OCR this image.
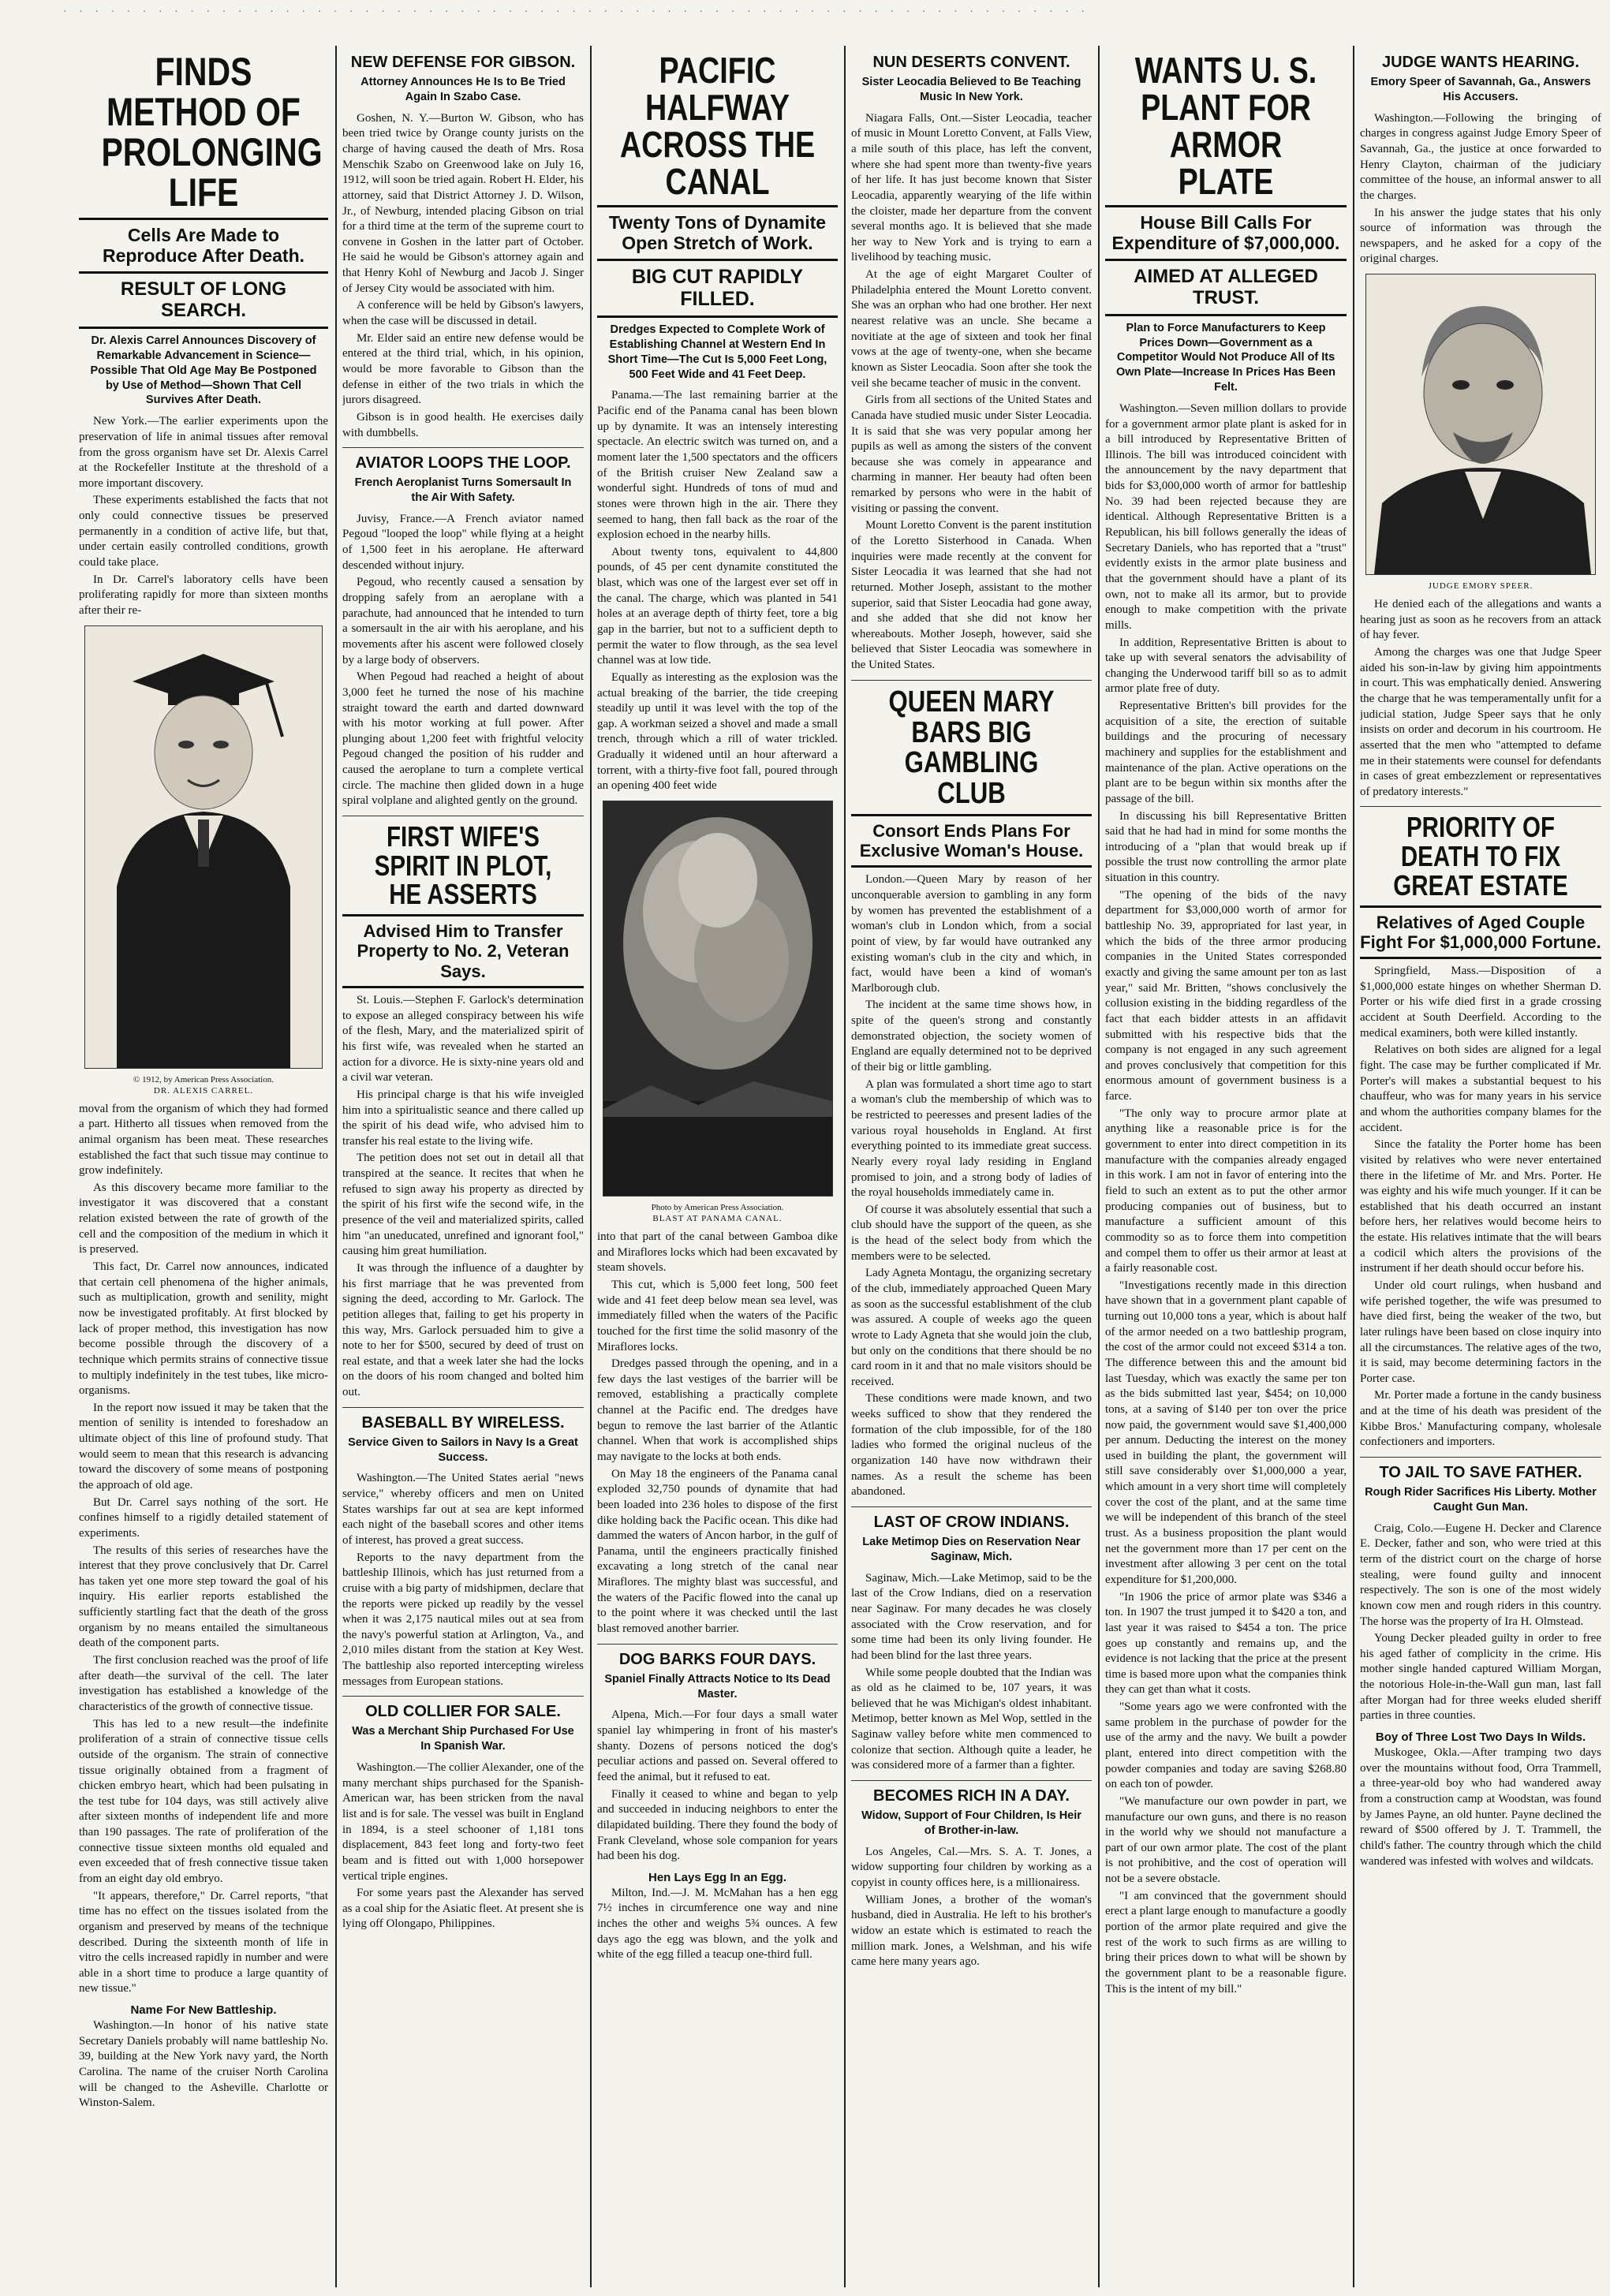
· · · · · · · · · · · · · · · · · · · · · · · · · · · · · · · · · · · · · · · · · · · · · · · · · · · · · · · · · · · · · · · · ·
FINDS METHOD OF PROLONGING LIFE
Cells Are Made to Reproduce After Death.
RESULT OF LONG SEARCH.
Dr. Alexis Carrel Announces Discovery of Remarkable Advancement in Science—Possible That Old Age May Be Postponed by Use of Method—Shown That Cell Survives After Death.

New York.—The earlier experiments upon the preservation of life in animal tissues after removal from the gross organism have set Dr. Alexis Carrel at the Rockefeller Institute at the threshold of a more important discovery.

These experiments established the facts that not only could connective tissues be preserved permanently in a condition of active life, but that, under certain easily controlled conditions, growth could take place.

In Dr. Carrel's laboratory cells have been proliferating rapidly for more than sixteen months after their re-

© 1912, by American Press Association.
DR. ALEXIS CARREL.

moval from the organism of which they had formed a part. Hitherto all tissues when removed from the animal organism has been meat. These researches established the fact that such tissue may continue to grow indefinitely.

As this discovery became more familiar to the investigator it was discovered that a constant relation existed between the rate of growth of the cell and the composition of the medium in which it is preserved.

This fact, Dr. Carrel now announces, indicated that certain cell phenomena of the higher animals, such as multiplication, growth and senility, might now be investigated profitably. At first blocked by lack of proper method, this investigation has now become possible through the discovery of a technique which permits strains of connective tissue to multiply indefinitely in the test tubes, like micro-organisms.

In the report now issued it may be taken that the mention of senility is intended to foreshadow an ultimate object of this line of profound study. That would seem to mean that this research is advancing toward the discovery of some means of postponing the approach of old age.

But Dr. Carrel says nothing of the sort. He confines himself to a rigidly detailed statement of experiments.

The results of this series of researches have the interest that they prove conclusively that Dr. Carrel has taken yet one more step toward the goal of his inquiry. His earlier reports established the sufficiently startling fact that the death of the gross organism by no means entailed the simultaneous death of the component parts.

The first conclusion reached was the proof of life after death—the survival of the cell. The later investigation has established a knowledge of the characteristics of the growth of connective tissue.

This has led to a new result—the indefinite proliferation of a strain of connective tissue cells outside of the organism. The strain of connective tissue originally obtained from a fragment of chicken embryo heart, which had been pulsating in the test tube for 104 days, was still actively alive after sixteen months of independent life and more than 190 passages. The rate of proliferation of the connective tissue sixteen months old equaled and even exceeded that of fresh connective tissue taken from an eight day old embryo.

"It appears, therefore," Dr. Carrel reports, "that time has no effect on the tissues isolated from the organism and preserved by means of the technique described. During the sixteenth month of life in vitro the cells increased rapidly in number and were able in a short time to produce a large quantity of new tissue."

Name For New Battleship.

Washington.—In honor of his native state Secretary Daniels probably will name battleship No. 39, building at the New York navy yard, the North Carolina. The name of the cruiser North Carolina will be changed to the Asheville. Charlotte or Winston-Salem.

NEW DEFENSE FOR GIBSON.
Attorney Announces He Is to Be Tried Again In Szabo Case.

Goshen, N. Y.—Burton W. Gibson, who has been tried twice by Orange county jurists on the charge of having caused the death of Mrs. Rosa Menschik Szabo on Greenwood lake on July 16, 1912, will soon be tried again. Robert H. Elder, his attorney, said that District Attorney J. D. Wilson, Jr., of Newburg, intended placing Gibson on trial for a third time at the term of the supreme court to convene in Goshen in the latter part of October. He said he would be Gibson's attorney again and that Henry Kohl of Newburg and Jacob J. Singer of Jersey City would be associated with him.

A conference will be held by Gibson's lawyers, when the case will be discussed in detail.

Mr. Elder said an entire new defense would be entered at the third trial, which, in his opinion, would be more favorable to Gibson than the defense in either of the two trials in which the jurors disagreed.

Gibson is in good health. He exercises daily with dumbbells.

AVIATOR LOOPS THE LOOP.
French Aeroplanist Turns Somersault In the Air With Safety.

Juvisy, France.—A French aviator named Pegoud "looped the loop" while flying at a height of 1,500 feet in his aeroplane. He afterward descended without injury.

Pegoud, who recently caused a sensation by dropping safely from an aeroplane with a parachute, had announced that he intended to turn a somersault in the air with his aeroplane, and his movements after his ascent were followed closely by a large body of observers.

When Pegoud had reached a height of about 3,000 feet he turned the nose of his machine straight toward the earth and darted downward with his motor working at full power. After plunging about 1,200 feet with frightful velocity Pegoud changed the position of his rudder and caused the aeroplane to turn a complete vertical circle. The machine then glided down in a huge spiral volplane and alighted gently on the ground.

FIRST WIFE'S SPIRIT IN PLOT, HE ASSERTS
Advised Him to Transfer Property to No. 2, Veteran Says.

St. Louis.—Stephen F. Garlock's determination to expose an alleged conspiracy between his wife of the flesh, Mary, and the materialized spirit of his first wife, was revealed when he started an action for a divorce. He is sixty-nine years old and a civil war veteran.

His principal charge is that his wife inveigled him into a spiritualistic seance and there called up the spirit of his dead wife, who advised him to transfer his real estate to the living wife.

The petition does not set out in detail all that transpired at the seance. It recites that when he refused to sign away his property as directed by the spirit of his first wife the second wife, in the presence of the veil and materialized spirits, called him "an uneducated, unrefined and ignorant fool," causing him great humiliation.

It was through the influence of a daughter by his first marriage that he was prevented from signing the deed, according to Mr. Garlock. The petition alleges that, failing to get his property in this way, Mrs. Garlock persuaded him to give a note to her for $500, secured by deed of trust on real estate, and that a week later she had the locks on the doors of his room changed and bolted him out.

BASEBALL BY WIRELESS.
Service Given to Sailors in Navy Is a Great Success.

Washington.—The United States aerial "news service," whereby officers and men on United States warships far out at sea are kept informed each night of the baseball scores and other items of interest, has proved a great success.

Reports to the navy department from the battleship Illinois, which has just returned from a cruise with a big party of midshipmen, declare that the reports were picked up readily by the vessel when it was 2,175 nautical miles out at sea from the navy's powerful station at Arlington, Va., and 2,010 miles distant from the station at Key West. The battleship also reported intercepting wireless messages from European stations.

OLD COLLIER FOR SALE.
Was a Merchant Ship Purchased For Use In Spanish War.

Washington.—The collier Alexander, one of the many merchant ships purchased for the Spanish-American war, has been stricken from the naval list and is for sale. The vessel was built in England in 1894, is a steel schooner of 1,181 tons displacement, 843 feet long and forty-two feet beam and is fitted out with 1,000 horsepower vertical triple engines.

For some years past the Alexander has served as a coal ship for the Asiatic fleet. At present she is lying off Olongapo, Philippines.

PACIFIC HALFWAY ACROSS THE CANAL
Twenty Tons of Dynamite Open Stretch of Work.
BIG CUT RAPIDLY FILLED.
Dredges Expected to Complete Work of Establishing Channel at Western End In Short Time—The Cut Is 5,000 Feet Long, 500 Feet Wide and 41 Feet Deep.

Panama.—The last remaining barrier at the Pacific end of the Panama canal has been blown up by dynamite. It was an intensely interesting spectacle. An electric switch was turned on, and a moment later the 1,500 spectators and the officers of the British cruiser New Zealand saw a wonderful sight. Hundreds of tons of mud and stones were thrown high in the air. There they seemed to hang, then fall back as the roar of the explosion echoed in the nearby hills.

About twenty tons, equivalent to 44,800 pounds, of 45 per cent dynamite constituted the blast, which was one of the largest ever set off in the canal. The charge, which was planted in 541 holes at an average depth of thirty feet, tore a big gap in the barrier, but not to a sufficient depth to permit the water to flow through, as the sea level channel was at low tide.

Equally as interesting as the explosion was the actual breaking of the barrier, the tide creeping steadily up until it was level with the top of the gap. A workman seized a shovel and made a small trench, through which a rill of water trickled. Gradually it widened until an hour afterward a torrent, with a thirty-five foot fall, poured through an opening 400 feet wide

Photo by American Press Association.
BLAST AT PANAMA CANAL.

into that part of the canal between Gamboa dike and Miraflores locks which had been excavated by steam shovels.

This cut, which is 5,000 feet long, 500 feet wide and 41 feet deep below mean sea level, was immediately filled when the waters of the Pacific touched for the first time the solid masonry of the Miraflores locks.

Dredges passed through the opening, and in a few days the last vestiges of the barrier will be removed, establishing a practically complete channel at the Pacific end. The dredges have begun to remove the last barrier of the Atlantic channel. When that work is accomplished ships may navigate to the locks at both ends.

On May 18 the engineers of the Panama canal exploded 32,750 pounds of dynamite that had been loaded into 236 holes to dispose of the first dike holding back the Pacific ocean. This dike had dammed the waters of Ancon harbor, in the gulf of Panama, until the engineers practically finished excavating a long stretch of the canal near Miraflores. The mighty blast was successful, and the waters of the Pacific flowed into the canal up to the point where it was checked until the last blast removed another barrier.

DOG BARKS FOUR DAYS.
Spaniel Finally Attracts Notice to Its Dead Master.

Alpena, Mich.—For four days a small water spaniel lay whimpering in front of his master's shanty. Dozens of persons noticed the dog's peculiar actions and passed on. Several offered to feed the animal, but it refused to eat.

Finally it ceased to whine and began to yelp and succeeded in inducing neighbors to enter the dilapidated building. There they found the body of Frank Cleveland, whose sole companion for years had been his dog.

Hen Lays Egg In an Egg.

Milton, Ind.—J. M. McMahan has a hen egg 7½ inches in circumference one way and nine inches the other and weighs 5¾ ounces. A few days ago the egg was blown, and the yolk and white of the egg filled a teacup one-third full.

NUN DESERTS CONVENT.
Sister Leocadia Believed to Be Teaching Music In New York.

Niagara Falls, Ont.—Sister Leocadia, teacher of music in Mount Loretto Convent, at Falls View, a mile south of this place, has left the convent, where she had spent more than twenty-five years of her life. It has just become known that Sister Leocadia, apparently wearying of the life within the cloister, made her departure from the convent several months ago. It is believed that she made her way to New York and is trying to earn a livelihood by teaching music.

At the age of eight Margaret Coulter of Philadelphia entered the Mount Loretto convent. She was an orphan who had one brother. Her next nearest relative was an uncle. She became a novitiate at the age of sixteen and took her final vows at the age of twenty-one, when she became known as Sister Leocadia. Soon after she took the veil she became teacher of music in the convent.

Girls from all sections of the United States and Canada have studied music under Sister Leocadia. It is said that she was very popular among her pupils as well as among the sisters of the convent because she was comely in appearance and charming in manner. Her beauty had often been remarked by persons who were in the habit of visiting or passing the convent.

Mount Loretto Convent is the parent institution of the Loretto Sisterhood in Canada. When inquiries were made recently at the convent for Sister Leocadia it was learned that she had not returned. Mother Joseph, assistant to the mother superior, said that Sister Leocadia had gone away, and she added that she did not know her whereabouts. Mother Joseph, however, said she believed that Sister Leocadia was somewhere in the United States.

QUEEN MARY BARS BIG GAMBLING CLUB
Consort Ends Plans For Exclusive Woman's House.

London.—Queen Mary by reason of her unconquerable aversion to gambling in any form by women has prevented the establishment of a woman's club in London which, from a social point of view, by far would have outranked any existing woman's club in the city and which, in fact, would have been a kind of woman's Marlborough club.

The incident at the same time shows how, in spite of the queen's strong and constantly demonstrated objection, the society women of England are equally determined not to be deprived of their big or little gambling.

A plan was formulated a short time ago to start a woman's club the membership of which was to be restricted to peeresses and present ladies of the various royal households in England. At first everything pointed to its immediate great success. Nearly every royal lady residing in England promised to join, and a strong body of ladies of the royal households immediately came in.

Of course it was absolutely essential that such a club should have the support of the queen, as she is the head of the select body from which the members were to be selected.

Lady Agneta Montagu, the organizing secretary of the club, immediately approached Queen Mary as soon as the successful establishment of the club was assured. A couple of weeks ago the queen wrote to Lady Agneta that she would join the club, but only on the conditions that there should be no card room in it and that no male visitors should be received.

These conditions were made known, and two weeks sufficed to show that they rendered the formation of the club impossible, for of the 180 ladies who formed the original nucleus of the organization 140 have now withdrawn their names. As a result the scheme has been abandoned.

LAST OF CROW INDIANS.
Lake Metimop Dies on Reservation Near Saginaw, Mich.

Saginaw, Mich.—Lake Metimop, said to be the last of the Crow Indians, died on a reservation near Saginaw. For many decades he was closely associated with the Crow reservation, and for some time had been its only living founder. He had been blind for the last three years.

While some people doubted that the Indian was as old as he claimed to be, 107 years, it was believed that he was Michigan's oldest inhabitant. Metimop, better known as Mel Wop, settled in the Saginaw valley before white men commenced to colonize that section. Although quite a leader, he was considered more of a farmer than a fighter.

BECOMES RICH IN A DAY.
Widow, Support of Four Children, Is Heir of Brother-in-law.

Los Angeles, Cal.—Mrs. S. A. T. Jones, a widow supporting four children by working as a copyist in county offices here, is a millionairess.

William Jones, a brother of the woman's husband, died in Australia. He left to his brother's widow an estate which is estimated to reach the million mark. Jones, a Welshman, and his wife came here many years ago.

WANTS U. S. PLANT FOR ARMOR PLATE
House Bill Calls For Expenditure of $7,000,000.
AIMED AT ALLEGED TRUST.
Plan to Force Manufacturers to Keep Prices Down—Government as a Competitor Would Not Produce All of Its Own Plate—Increase In Prices Has Been Felt.

Washington.—Seven million dollars to provide for a government armor plate plant is asked for in a bill introduced by Representative Britten of Illinois. The bill was introduced coincident with the announcement by the navy department that bids for $3,000,000 worth of armor for battleship No. 39 had been rejected because they are identical. Although Representative Britten is a Republican, his bill follows generally the ideas of Secretary Daniels, who has reported that a "trust" evidently exists in the armor plate business and that the government should have a plant of its own, not to make all its armor, but to provide enough to make competition with the private mills.

In addition, Representative Britten is about to take up with several senators the advisability of changing the Underwood tariff bill so as to admit armor plate free of duty.

Representative Britten's bill provides for the acquisition of a site, the erection of suitable buildings and the procuring of necessary machinery and supplies for the establishment and maintenance of the plan. Active operations on the plant are to be begun within six months after the passage of the bill.

In discussing his bill Representative Britten said that he had had in mind for some months the introducing of a "plan that would break up if possible the trust now controlling the armor plate situation in this country.

"The opening of the bids of the navy department for $3,000,000 worth of armor for battleship No. 39, appropriated for last year, in which the bids of the three armor producing companies in the United States corresponded exactly and giving the same amount per ton as last year," said Mr. Britten, "shows conclusively the collusion existing in the bidding regardless of the fact that each bidder attests in an affidavit submitted with his respective bids that the company is not engaged in any such agreement and proves conclusively that competition for this enormous amount of government business is a farce.

"The only way to procure armor plate at anything like a reasonable price is for the government to enter into direct competition in its manufacture with the companies already engaged in this work. I am not in favor of entering into the field to such an extent as to put the other armor producing companies out of business, but to manufacture a sufficient amount of this commodity so as to force them into competition and compel them to offer us their armor at least at a fairly reasonable cost.

"Investigations recently made in this direction have shown that in a government plant capable of turning out 10,000 tons a year, which is about half of the armor needed on a two battleship program, the cost of the armor could not exceed $314 a ton. The difference between this and the amount bid last Tuesday, which was exactly the same per ton as the bids submitted last year, $454; on 10,000 tons, at a saving of $140 per ton over the price now paid, the government would save $1,400,000 per annum. Deducting the interest on the money used in building the plant, the government will still save considerably over $1,000,000 a year, which amount in a very short time will completely cover the cost of the plant, and at the same time we will be independent of this branch of the steel trust. As a business proposition the plant would net the government more than 17 per cent on the investment after allowing 3 per cent on the total expenditure for $1,200,000.

"In 1906 the price of armor plate was $346 a ton. In 1907 the trust jumped it to $420 a ton, and last year it was raised to $454 a ton. The price goes up constantly and remains up, and the evidence is not lacking that the price at the present time is based more upon what the companies think they can get than what it costs.

"Some years ago we were confronted with the same problem in the purchase of powder for the use of the army and the navy. We built a powder plant, entered into direct competition with the powder companies and today are saving $268.80 on each ton of powder.

"We manufacture our own powder in part, we manufacture our own guns, and there is no reason in the world why we should not manufacture a part of our own armor plate. The cost of the plant is not prohibitive, and the cost of operation will not be a severe obstacle.

"I am convinced that the government should erect a plant large enough to manufacture a goodly portion of the armor plate required and give the rest of the work to such firms as are willing to bring their prices down to what will be shown by the government plant to be a reasonable figure. This is the intent of my bill."

JUDGE WANTS HEARING.
Emory Speer of Savannah, Ga., Answers His Accusers.

Washington.—Following the bringing of charges in congress against Judge Emory Speer of Savannah, Ga., the justice at once forwarded to Henry Clayton, chairman of the judiciary committee of the house, an informal answer to all the charges.

In his answer the judge states that his only source of information was through the newspapers, and he asked for a copy of the original charges.

JUDGE EMORY SPEER.

He denied each of the allegations and wants a hearing just as soon as he recovers from an attack of hay fever.

Among the charges was one that Judge Speer aided his son-in-law by giving him appointments in court. This was emphatically denied. Answering the charge that he was temperamentally unfit for a judicial station, Judge Speer says that he only insists on order and decorum in his courtroom. He asserted that the men who "attempted to defame me in their statements were counsel for defendants in cases of great embezzlement or representatives of predatory interests."

PRIORITY OF DEATH TO FIX GREAT ESTATE
Relatives of Aged Couple Fight For $1,000,000 Fortune.

Springfield, Mass.—Disposition of a $1,000,000 estate hinges on whether Sherman D. Porter or his wife died first in a grade crossing accident at South Deerfield. According to the medical examiners, both were killed instantly.

Relatives on both sides are aligned for a legal fight. The case may be further complicated if Mr. Porter's will makes a substantial bequest to his chauffeur, who was for many years in his service and whom the authorities company blames for the accident.

Since the fatality the Porter home has been visited by relatives who were never entertained there in the lifetime of Mr. and Mrs. Porter. He was eighty and his wife much younger. If it can be established that his death occurred an instant before hers, her relatives would become heirs to the estate. His relatives intimate that the will bears a codicil which alters the provisions of the instrument if her death should occur before his.

Under old court rulings, when husband and wife perished together, the wife was presumed to have died first, being the weaker of the two, but later rulings have been based on close inquiry into all the circumstances. The relative ages of the two, it is said, may become determining factors in the Porter case.

Mr. Porter made a fortune in the candy business and at the time of his death was president of the Kibbe Bros.' Manufacturing company, wholesale confectioners and importers.

TO JAIL TO SAVE FATHER.
Rough Rider Sacrifices His Liberty. Mother Caught Gun Man.

Craig, Colo.—Eugene H. Decker and Clarence E. Decker, father and son, who were tried at this term of the district court on the charge of horse stealing, were found guilty and innocent respectively. The son is one of the most widely known cow men and rough riders in this country. The horse was the property of Ira H. Olmstead.

Young Decker pleaded guilty in order to free his aged father of complicity in the crime. His mother single handed captured William Morgan, the notorious Hole-in-the-Wall gun man, last fall after Morgan had for three weeks eluded sheriff parties in three counties.

Boy of Three Lost Two Days In Wilds.

Muskogee, Okla.—After tramping two days over the mountains without food, Orra Trammell, a three-year-old boy who had wandered away from a construction camp at Woodstan, was found by James Payne, an old hunter. Payne declined the reward of $500 offered by J. T. Trammell, the child's father. The country through which the child wandered was infested with wolves and wildcats.
